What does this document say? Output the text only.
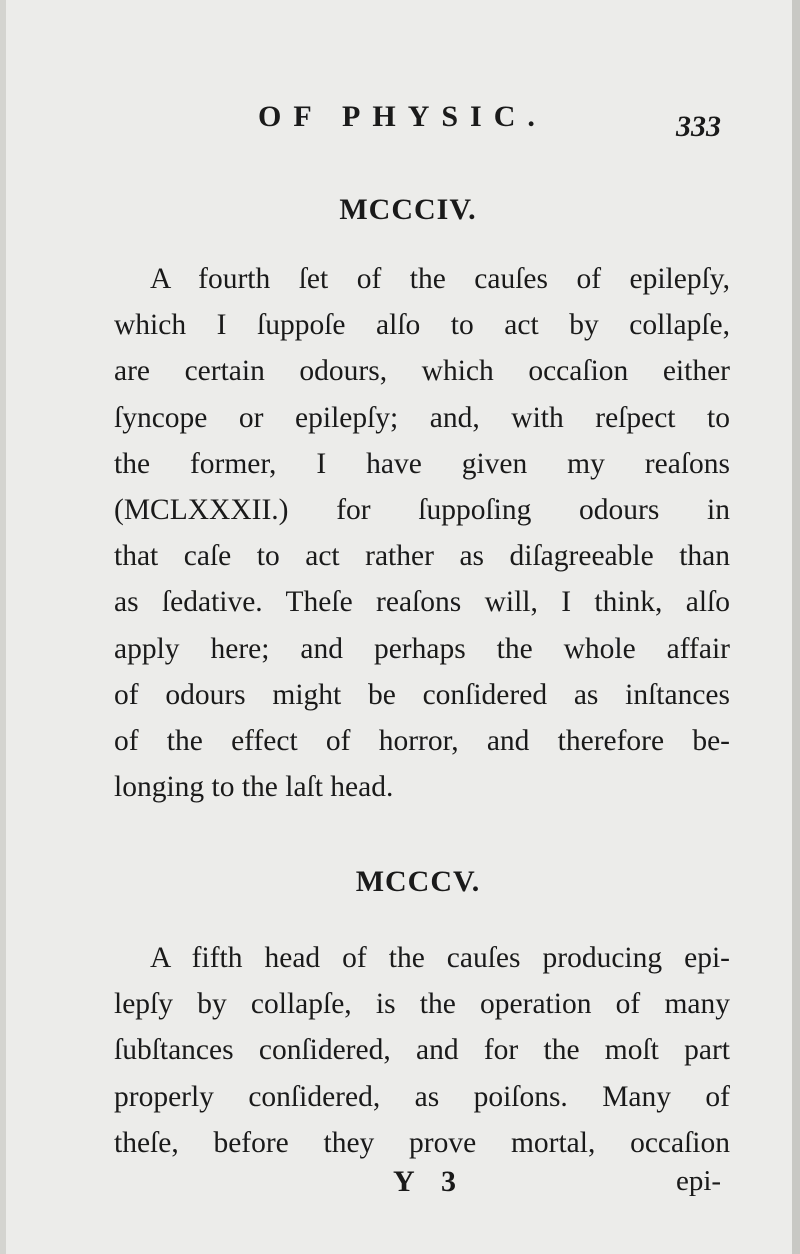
OF PHYSIC.	333
MCCCIV.
A fourth ſet of the cauſes of epilepſy,
which I ſuppoſe alſo to act by collapſe,
are certain odours, which occaſion either
ſyncope or epilepſy; and, with reſpect to
the former, I have given my reaſons
(MCLXXXII.) for ſuppoſing odours in
that caſe to act rather as diſagreeable than
as ſedative. Theſe reaſons will, I think, alſo
apply here; and perhaps the whole affair
of odours might be conſidered as inſtances
of the effect of horror, and therefore be-
longing to the laſt head.
MCCCV.
A fifth head of the cauſes producing epi-
lepſy by collapſe, is the operation of many
ſubſtances conſidered, and for the moſt part
properly conſidered, as poiſons. Many of
theſe, before they prove mortal, occaſion
Y 3	epi-
